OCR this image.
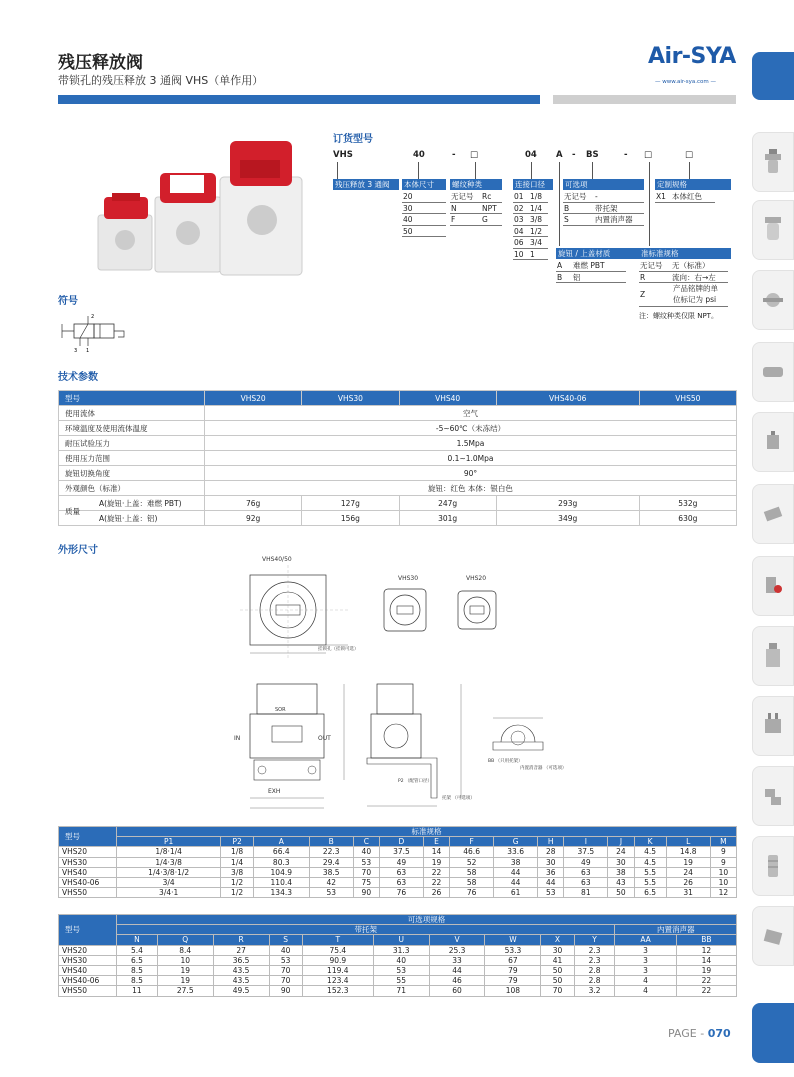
残压释放阀
带锁孔的残压释放 3 通阀 VHS（单作用）
Air-SYA
— www.air-sya.com —
订货型号
VHS	40	- □	04 A - BS	- □	□
残压释放 3 通阀	本体尺寸
20
30
40
50
螺纹种类
无记号	Rc
N	NPT
F	G
连接口径
01 1/8
02 1/4
03 3/8
04 1/2
06 3/4
10 1
可选项
无记号	-
B	带托架
S	内置消声器
定制规格
X1 本体红色
旋钮 / 上盖材质
A	难燃 PBT
B	铝
准标准规格
无记号	无（标准）
R	流向：右→左
Z
产品铭牌的单
位标记为 psi
注：螺纹种类仅限 NPT。
符号
2
3 1
技术参数
型号	VHS20	VHS30	VHS40	VHS40-06	VHS50
使用流体	空气				
环境温度及使用流体温度	-5~60℃（未冻结）				
耐压试验压力	1.5Mpa				
使用压力范围	0.1~1.0Mpa				
旋钮切换角度	90°				
外观颜色（标准）	旋钮：红色 本体：银白色				

质量
A(旋钮·上盖：难燃 PBT)	76g	127g	247g	293g	532g
A(旋钮·上盖：铝)	92g	156g	301g	349g	630g
外形尺寸
VHS40/50
VHS30	VHS20
挂锁孔（挂锁可选）
IN	OUT
EXH
SOR
托架 （可选项）
P2 （配管口径）
BB （只用托架）
内置消音器 （可选项）
型号	标准规格														
	P1	P2	A	B	C	D	E	F	G	H	I	J	K	L	M
VHS20	1/8·1/4	1/8	66.4	22.3	40	37.5	14	46.6	33.6	28	37.5	24	4.5	14.8	9
VHS30	1/4·3/8	1/4	80.3	29.4	53	49	19	52	38	30	49	30	4.5	19	9
VHS40	1/4·3/8·1/2	3/8	104.9	38.5	70	63	22	58	44	36	63	38	5.5	24	10
VHS40-06	3/4	1/2	110.4	42	75	63	22	58	44	44	63	43	5.5	26	10
VHS50	3/4·1	1/2	134.3	53	90	76	26	76	61	53	81	50	6.5	31	12
型号	可选项规格											
	带托架										内置消声器	
	N	Q	R	S	T	U	V	W	X	Y	AA	BB
VHS20	5.4	8.4	27	40	75.4	31.3	25.3	53.3	30	2.3	3	12
VHS30	6.5	10	36.5	53	90.9	40	33	67	41	2.3	3	14
VHS40	8.5	19	43.5	70	119.4	53	44	79	50	2.8	3	19
VHS40-06	8.5	19	43.5	70	123.4	55	46	79	50	2.8	4	22
VHS50	11	27.5	49.5	90	152.3	71	60	108	70	3.2	4	22
PAGE - 070
